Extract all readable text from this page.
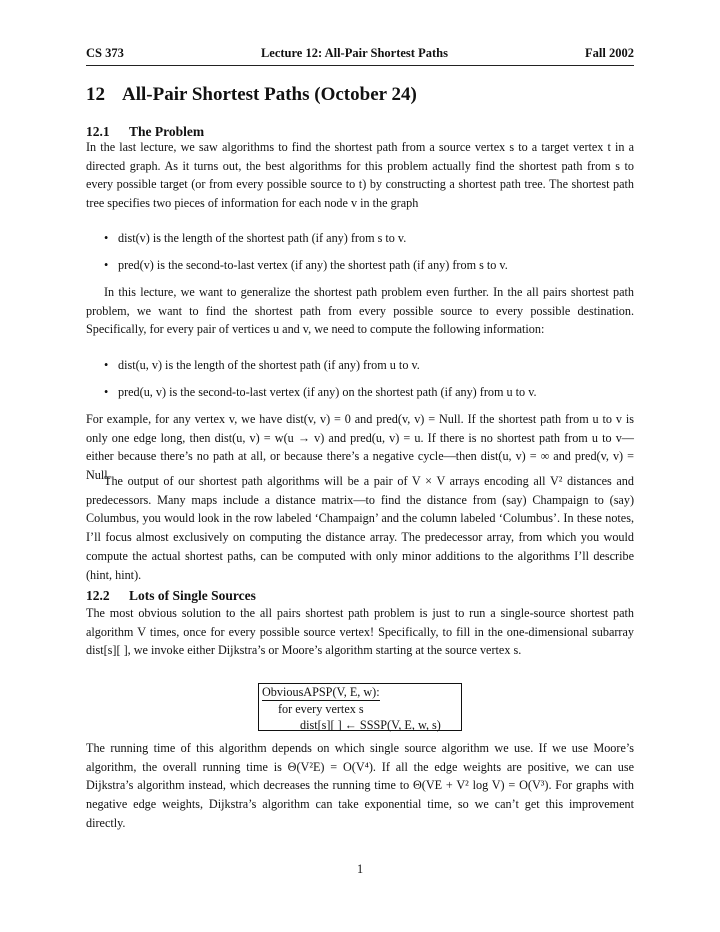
CS 373	Lecture 12: All-Pair Shortest Paths	Fall 2002
12 All-Pair Shortest Paths (October 24)
12.1 The Problem
In the last lecture, we saw algorithms to find the shortest path from a source vertex s to a target vertex t in a directed graph. As it turns out, the best algorithms for this problem actually find the shortest path from s to every possible target (or from every possible source to t) by constructing a shortest path tree. The shortest path tree specifies two pieces of information for each node v in the graph
• dist(v) is the length of the shortest path (if any) from s to v.
• pred(v) is the second-to-last vertex (if any) the shortest path (if any) from s to v.
In this lecture, we want to generalize the shortest path problem even further. In the all pairs shortest path problem, we want to find the shortest path from every possible source to every possible destination. Specifically, for every pair of vertices u and v, we need to compute the following information:
• dist(u, v) is the length of the shortest path (if any) from u to v.
• pred(u, v) is the second-to-last vertex (if any) on the shortest path (if any) from u to v.
For example, for any vertex v, we have dist(v, v) = 0 and pred(v, v) = Null. If the shortest path from u to v is only one edge long, then dist(u, v) = w(u → v) and pred(u, v) = u. If there is no shortest path from u to v—either because there’s no path at all, or because there’s a negative cycle—then dist(u, v) = ∞ and pred(v, v) = Null.
The output of our shortest path algorithms will be a pair of V × V arrays encoding all V² distances and predecessors. Many maps include a distance matrix—to find the distance from (say) Champaign to (say) Columbus, you would look in the row labeled ‘Champaign’ and the column labeled ‘Columbus’. In these notes, I’ll focus almost exclusively on computing the distance array. The predecessor array, from which you would compute the actual shortest paths, can be computed with only minor additions to the algorithms I’ll describe (hint, hint).
12.2 Lots of Single Sources
The most obvious solution to the all pairs shortest path problem is just to run a single-source shortest path algorithm V times, once for every possible source vertex! Specifically, to fill in the one-dimensional subarray dist[s][ ], we invoke either Dijkstra’s or Moore’s algorithm starting at the source vertex s.
ObviousAPSP(V, E, w):
for every vertex s
dist[s][ ] ← SSSP(V, E, w, s)
The running time of this algorithm depends on which single source algorithm we use. If we use Moore’s algorithm, the overall running time is Θ(V²E) = O(V⁴). If all the edge weights are positive, we can use Dijkstra’s algorithm instead, which decreases the running time to Θ(VE + V² log V) = O(V³). For graphs with negative edge weights, Dijkstra’s algorithm can take exponential time, so we can’t get this improvement directly.
1
